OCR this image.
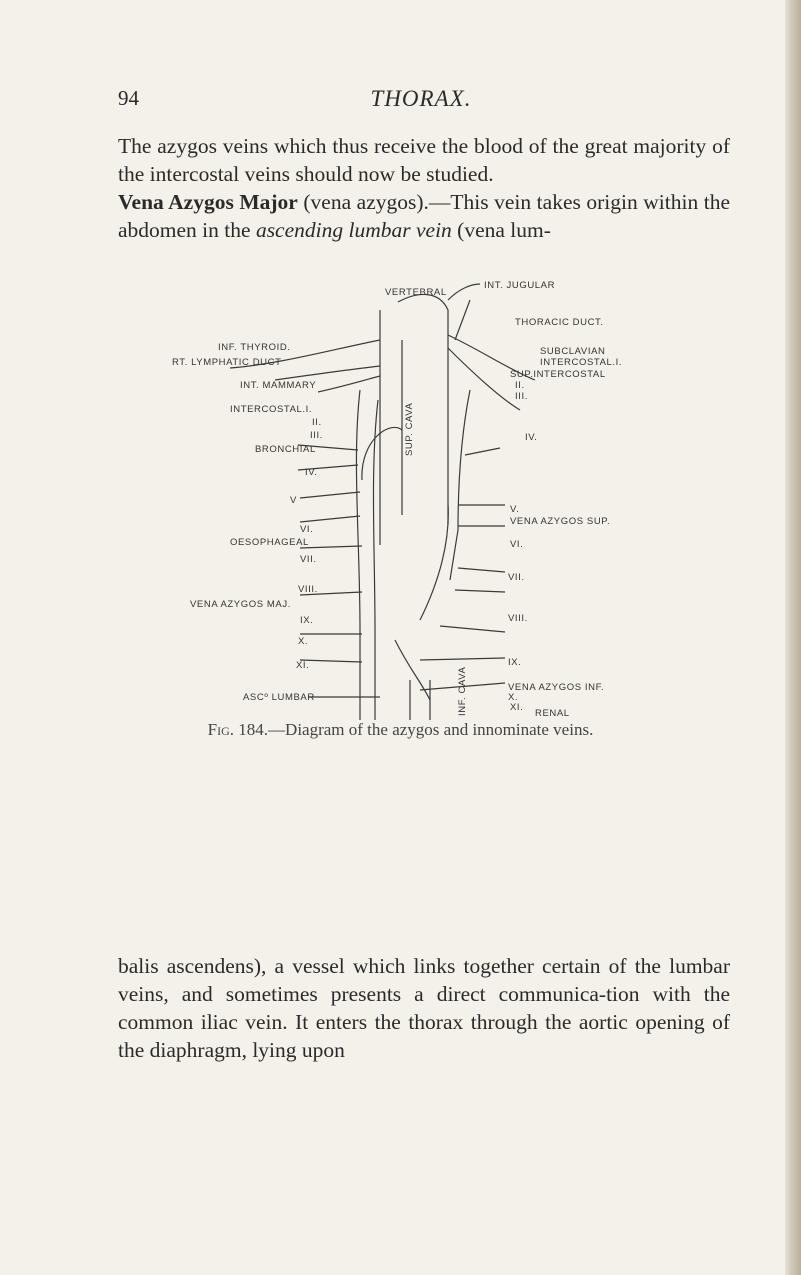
94	THORAX.
The azygos veins which thus receive the blood of the great majority of the intercostal veins should now be studied.
Vena Azygos Major (vena azygos).—This vein takes origin within the abdomen in the ascending lumbar vein (vena lum-
VERTEBRAL
INT. JUGULAR
INF. THYROID.
RT. LYMPHATIC DUCT
THORACIC DUCT.
SUBCLAVIAN
INTERCOSTAL.I.
INT. MAMMARY
SUP.INTERCOSTAL
INTERCOSTAL.I.
II.
II.
III.
III.	SUP. CAVA
BRONCHIAL
IV.
IV.
V.
V
VENA AZYGOS SUP.
VI.
VI.
OESOPHAGEAL
VII.
VII.
VIII.
VIII.
VENA AZYGOS MAJ.
IX.
IX.
VENA AZYGOS INF.
X.
X.
XI.
XI.
RENAL
INF. CAVA
ASCº LUMBAR
Fig. 184.—Diagram of the azygos and innominate veins.
balis ascendens), a vessel which links together certain of the lumbar veins, and sometimes presents a direct communica-tion with the common iliac vein. It enters the thorax through the aortic opening of the diaphragm, lying upon
